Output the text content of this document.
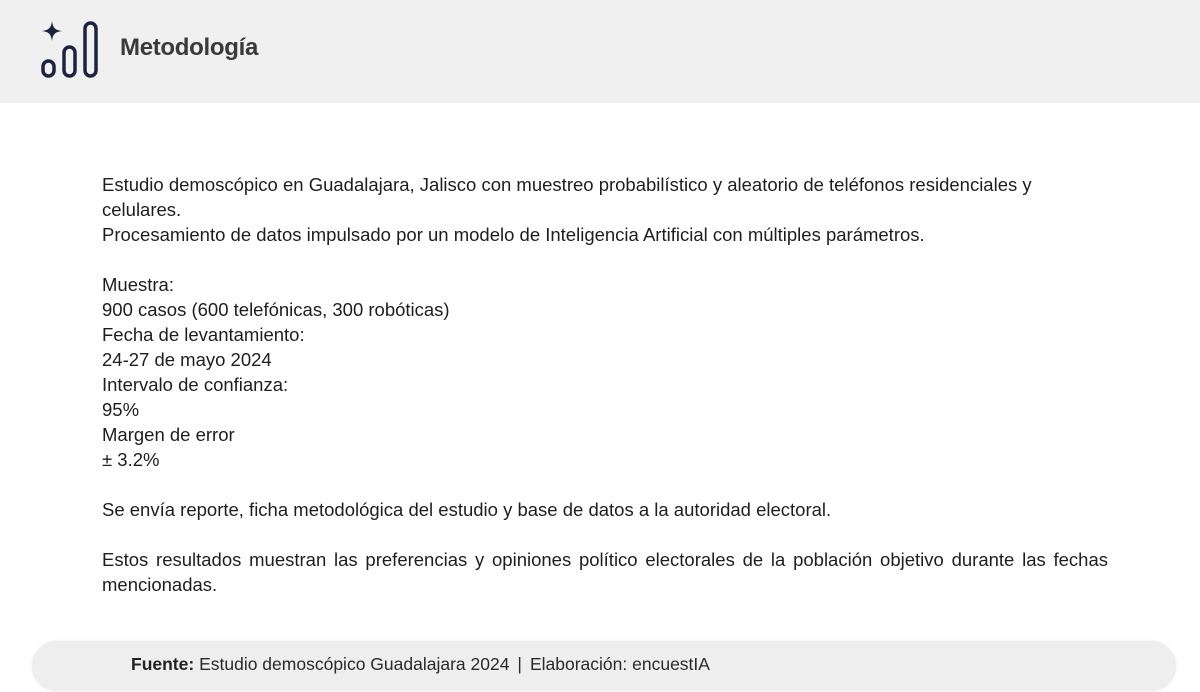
Metodología

Estudio demoscópico en Guadalajara, Jalisco con muestreo probabilístico y aleatorio de teléfonos residenciales y celulares.

Procesamiento de datos impulsado por un modelo de Inteligencia Artificial con múltiples parámetros.

Muestra:

900 casos (600 telefónicas, 300 robóticas)

Fecha de levantamiento:

24-27 de mayo 2024

Intervalo de confianza:

95%

Margen de error

± 3.2%

Se envía reporte, ficha metodológica del estudio y base de datos a la autoridad electoral.

Estos resultados muestran las preferencias y opiniones político electorales de la población objetivo durante las fechas mencionadas.

Fuente: Estudio demoscópico Guadalajara 2024 | Elaboración: encuestIA
